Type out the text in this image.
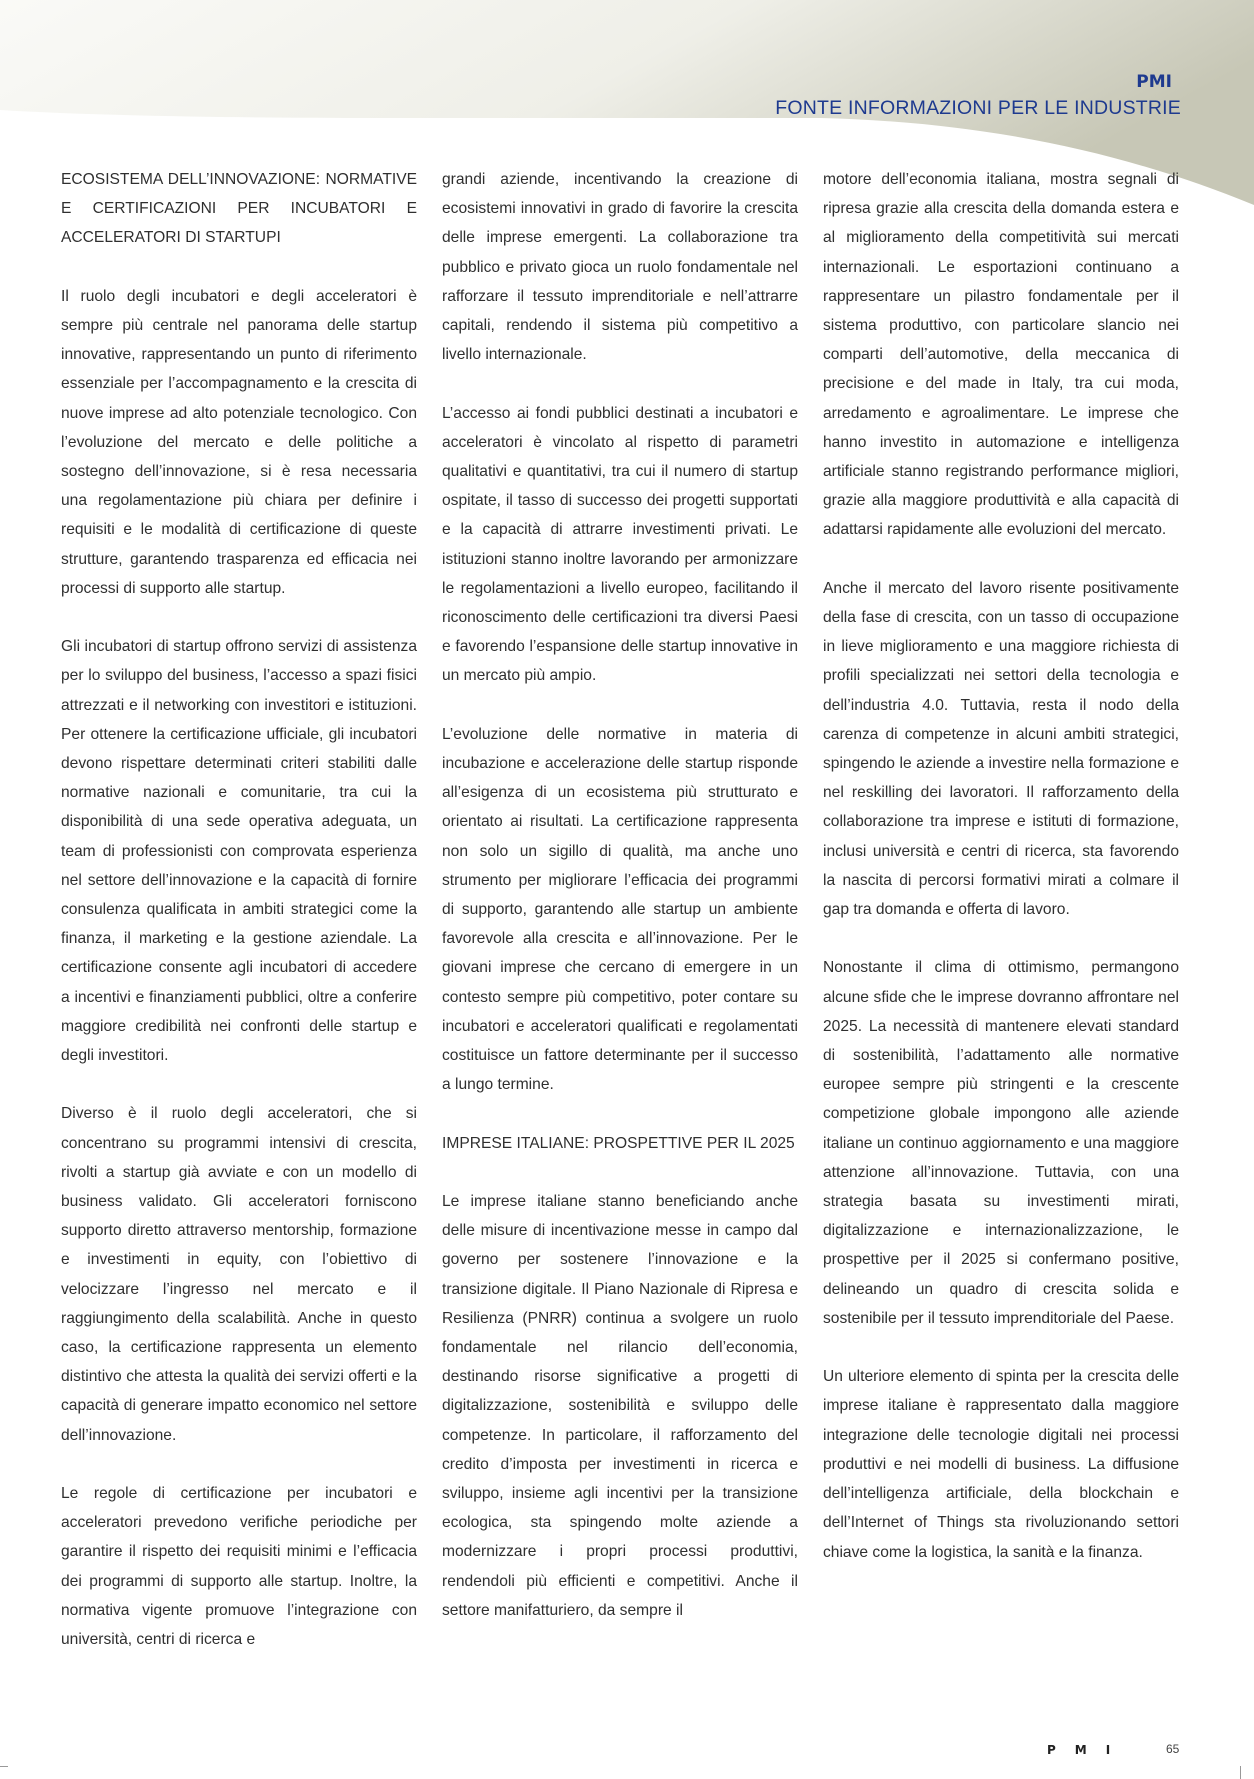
PMI
FONTE INFORMAZIONI PER LE INDUSTRIE

ECOSISTEMA DELL’INNOVAZIONE: NORMATIVE E CERTIFICAZIONI PER INCUBATORI E ACCELERATORI DI STARTUPI

Il ruolo degli incubatori e degli acceleratori è sempre più centrale nel panorama delle startup innovative, rappresentando un punto di riferimento essenziale per l’accompagnamento e la crescita di nuove imprese ad alto potenziale tecnologico. Con l’evoluzione del mercato e delle politiche a sostegno dell’innovazione, si è resa necessaria una regolamentazione più chiara per definire i requisiti e le modalità di certificazione di queste strutture, garantendo trasparenza ed efficacia nei processi di supporto alle startup.

Gli incubatori di startup offrono servizi di assistenza per lo sviluppo del business, l’accesso a spazi fisici attrezzati e il networking con investitori e istituzioni. Per ottenere la certificazione ufficiale, gli incubatori devono rispettare determinati criteri stabiliti dalle normative nazionali e comunitarie, tra cui la disponibilità di una sede operativa adeguata, un team di professionisti con comprovata esperienza nel settore dell’innovazione e la capacità di fornire consulenza qualificata in ambiti strategici come la finanza, il marketing e la gestione aziendale. La certificazione consente agli incubatori di accedere a incentivi e finanziamenti pubblici, oltre a conferire maggiore credibilità nei confronti delle startup e degli investitori.

Diverso è il ruolo degli acceleratori, che si concentrano su programmi intensivi di crescita, rivolti a startup già avviate e con un modello di business validato. Gli acceleratori forniscono supporto diretto attraverso mentorship, formazione e investimenti in equity, con l’obiettivo di velocizzare l’ingresso nel mercato e il raggiungimento della scalabilità. Anche in questo caso, la certificazione rappresenta un elemento distintivo che attesta la qualità dei servizi offerti e la capacità di generare impatto economico nel settore dell’innovazione.

Le regole di certificazione per incubatori e acceleratori prevedono verifiche periodiche per garantire il rispetto dei requisiti minimi e l’efficacia dei programmi di supporto alle startup. Inoltre, la normativa vigente promuove l’integrazione con università, centri di ricerca e

grandi aziende, incentivando la creazione di ecosistemi innovativi in grado di favorire la crescita delle imprese emergenti. La collaborazione tra pubblico e privato gioca un ruolo fondamentale nel rafforzare il tessuto imprenditoriale e nell’attrarre capitali, rendendo il sistema più competitivo a livello internazionale.

L’accesso ai fondi pubblici destinati a incubatori e acceleratori è vincolato al rispetto di parametri qualitativi e quantitativi, tra cui il numero di startup ospitate, il tasso di successo dei progetti supportati e la capacità di attrarre investimenti privati. Le istituzioni stanno inoltre lavorando per armonizzare le regolamentazioni a livello europeo, facilitando il riconoscimento delle certificazioni tra diversi Paesi e favorendo l’espansione delle startup innovative in un mercato più ampio.

L’evoluzione delle normative in materia di incubazione e accelerazione delle startup risponde all’esigenza di un ecosistema più strutturato e orientato ai risultati. La certificazione rappresenta non solo un sigillo di qualità, ma anche uno strumento per migliorare l’efficacia dei programmi di supporto, garantendo alle startup un ambiente favorevole alla crescita e all’innovazione. Per le giovani imprese che cercano di emergere in un contesto sempre più competitivo, poter contare su incubatori e acceleratori qualificati e regolamentati costituisce un fattore determinante per il successo a lungo termine.

IMPRESE ITALIANE: PROSPETTIVE PER IL 2025

Le imprese italiane stanno beneficiando anche delle misure di incentivazione messe in campo dal governo per sostenere l’innovazione e la transizione digitale. Il Piano Nazionale di Ripresa e Resilienza (PNRR) continua a svolgere un ruolo fondamentale nel rilancio dell’economia, destinando risorse significative a progetti di digitalizzazione, sostenibilità e sviluppo delle competenze. In particolare, il rafforzamento del credito d’imposta per investimenti in ricerca e sviluppo, insieme agli incentivi per la transizione ecologica, sta spingendo molte aziende a modernizzare i propri processi produttivi, rendendoli più efficienti e competitivi. Anche il settore manifatturiero, da sempre il

motore dell’economia italiana, mostra segnali di ripresa grazie alla crescita della domanda estera e al miglioramento della competitività sui mercati internazionali. Le esportazioni continuano a rappresentare un pilastro fondamentale per il sistema produttivo, con particolare slancio nei comparti dell’automotive, della meccanica di precisione e del made in Italy, tra cui moda, arredamento e agroalimentare. Le imprese che hanno investito in automazione e intelligenza artificiale stanno registrando performance migliori, grazie alla maggiore produttività e alla capacità di adattarsi rapidamente alle evoluzioni del mercato.

Anche il mercato del lavoro risente positivamente della fase di crescita, con un tasso di occupazione in lieve miglioramento e una maggiore richiesta di profili specializzati nei settori della tecnologia e dell’industria 4.0. Tuttavia, resta il nodo della carenza di competenze in alcuni ambiti strategici, spingendo le aziende a investire nella formazione e nel reskilling dei lavoratori. Il rafforzamento della collaborazione tra imprese e istituti di formazione, inclusi università e centri di ricerca, sta favorendo la nascita di percorsi formativi mirati a colmare il gap tra domanda e offerta di lavoro.

Nonostante il clima di ottimismo, permangono alcune sfide che le imprese dovranno affrontare nel 2025. La necessità di mantenere elevati standard di sostenibilità, l’adattamento alle normative europee sempre più stringenti e la crescente competizione globale impongono alle aziende italiane un continuo aggiornamento e una maggiore attenzione all’innovazione. Tuttavia, con una strategia basata su investimenti mirati, digitalizzazione e internazionalizzazione, le prospettive per il 2025 si confermano positive, delineando un quadro di crescita solida e sostenibile per il tessuto imprenditoriale del Paese.

Un ulteriore elemento di spinta per la crescita delle imprese italiane è rappresentato dalla maggiore integrazione delle tecnologie digitali nei processi produttivi e nei modelli di business. La diffusione dell’intelligenza artificiale, della blockchain e dell’Internet of Things sta rivoluzionando settori chiave come la logistica, la sanità e la finanza.

PMI	65
